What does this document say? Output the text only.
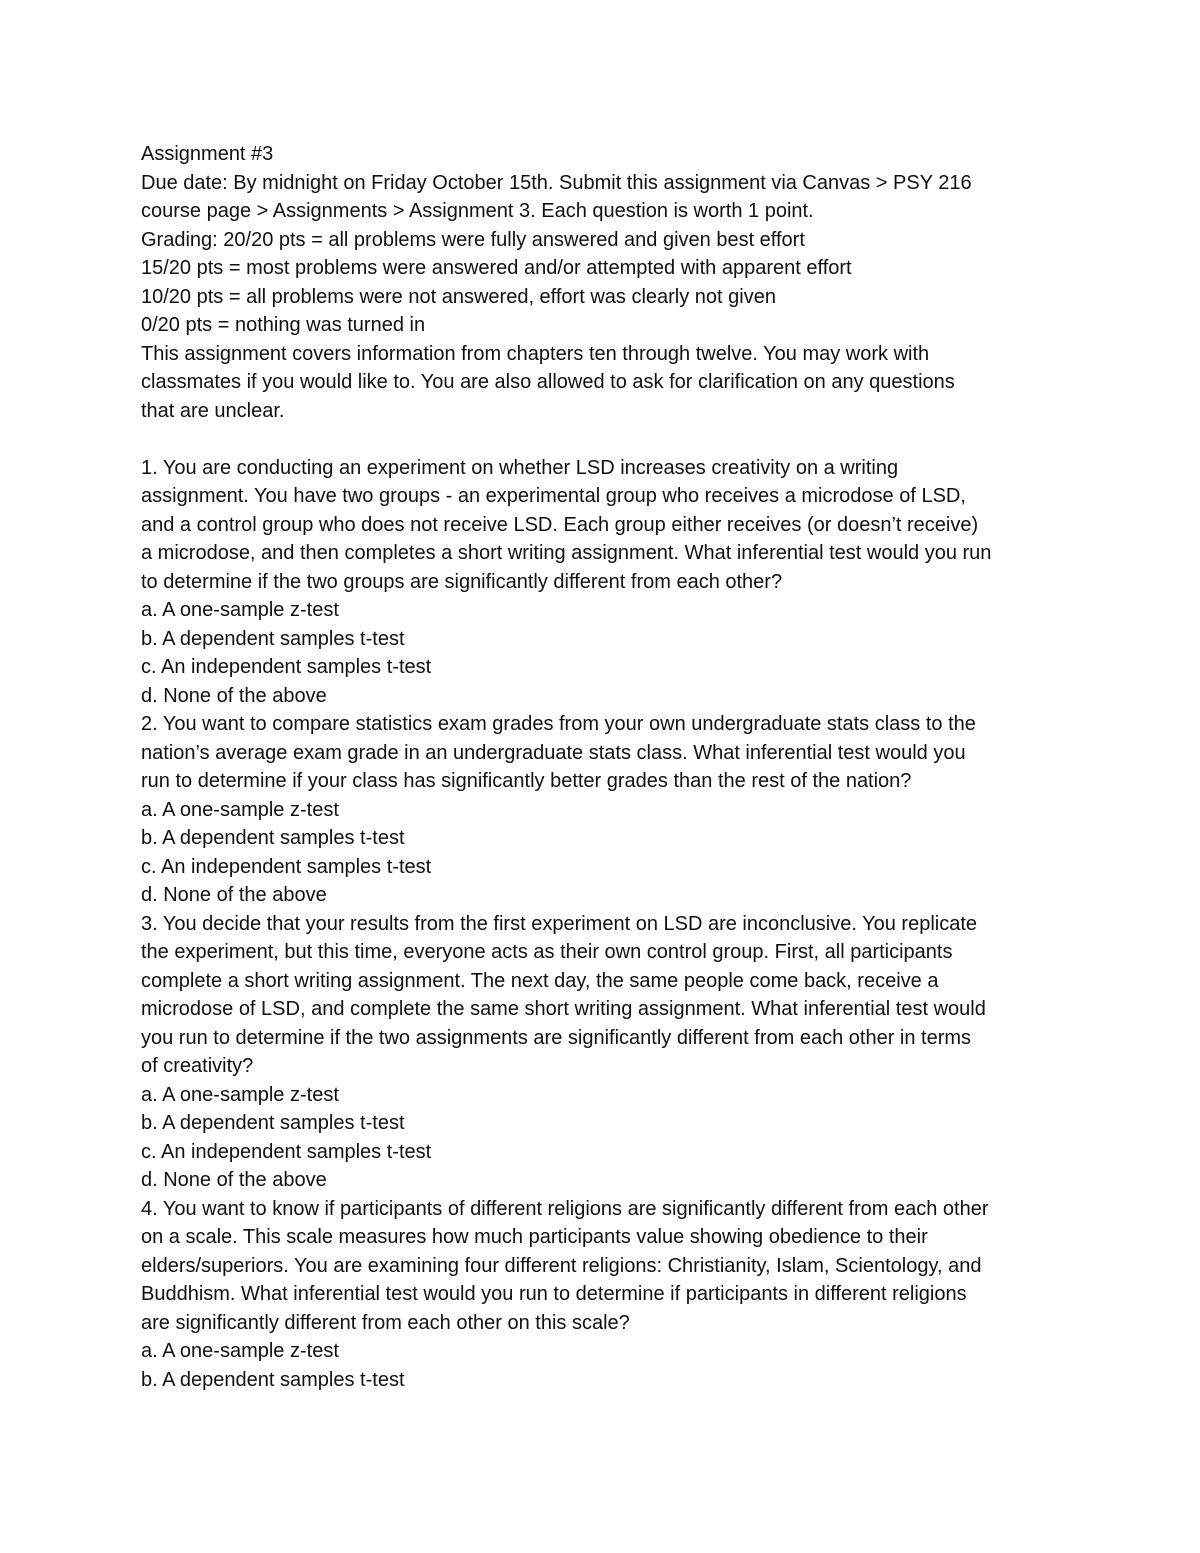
Assignment #3
Due date: By midnight on Friday October 15th. Submit this assignment via Canvas > PSY 216
course page > Assignments > Assignment 3. Each question is worth 1 point.
Grading: 20/20 pts = all problems were fully answered and given best effort
15/20 pts = most problems were answered and/or attempted with apparent effort
10/20 pts = all problems were not answered, effort was clearly not given
0/20 pts = nothing was turned in
This assignment covers information from chapters ten through twelve. You may work with
classmates if you would like to. You are also allowed to ask for clarification on any questions
that are unclear.
1. You are conducting an experiment on whether LSD increases creativity on a writing
assignment. You have two groups - an experimental group who receives a microdose of LSD,
and a control group who does not receive LSD. Each group either receives (or doesn’t receive)
a microdose, and then completes a short writing assignment. What inferential test would you run
to determine if the two groups are significantly different from each other?
a. A one-sample z-test
b. A dependent samples t-test
c. An independent samples t-test
d. None of the above
2. You want to compare statistics exam grades from your own undergraduate stats class to the
nation’s average exam grade in an undergraduate stats class. What inferential test would you
run to determine if your class has significantly better grades than the rest of the nation?
a. A one-sample z-test
b. A dependent samples t-test
c. An independent samples t-test
d. None of the above
3. You decide that your results from the first experiment on LSD are inconclusive. You replicate
the experiment, but this time, everyone acts as their own control group. First, all participants
complete a short writing assignment. The next day, the same people come back, receive a
microdose of LSD, and complete the same short writing assignment. What inferential test would
you run to determine if the two assignments are significantly different from each other in terms
of creativity?
a. A one-sample z-test
b. A dependent samples t-test
c. An independent samples t-test
d. None of the above
4. You want to know if participants of different religions are significantly different from each other
on a scale. This scale measures how much participants value showing obedience to their
elders/superiors. You are examining four different religions: Christianity, Islam, Scientology, and
Buddhism. What inferential test would you run to determine if participants in different religions
are significantly different from each other on this scale?
a. A one-sample z-test
b. A dependent samples t-test
